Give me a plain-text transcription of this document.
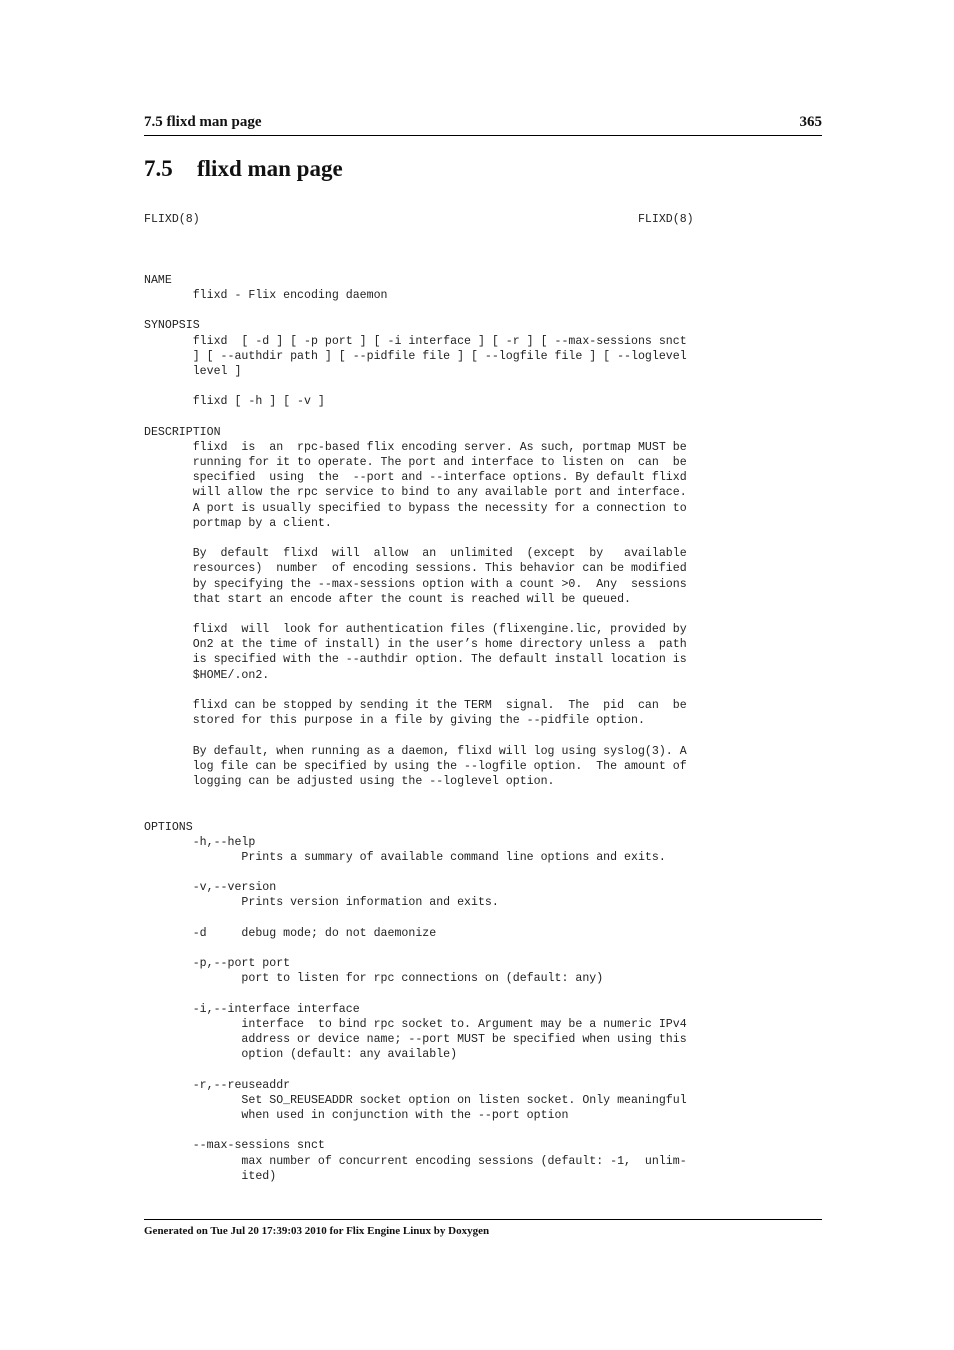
7.5 flixd man page	365
7.5 flixd man page
FLIXD(8)                                                               FLIXD(8)
NAME
flixd - Flix encoding daemon
SYNOPSIS
flixd  [ -d ] [ -p port ] [ -i interface ] [ -r ] [ --max-sessions snct
] [ --authdir path ] [ --pidfile file ] [ --logfile file ] [ --loglevel
level ]
flixd [ -h ] [ -v ]
DESCRIPTION
flixd  is  an  rpc-based flix encoding server. As such, portmap MUST be
running for it to operate. The port and interface to listen on  can  be
specified  using  the  --port and --interface options. By default flixd
will allow the rpc service to bind to any available port and interface.
A port is usually specified to bypass the necessity for a connection to
portmap by a client.
By  default  flixd  will  allow  an  unlimited  (except  by   available
resources)  number  of encoding sessions. This behavior can be modified
by specifying the --max-sessions option with a count >0.  Any  sessions
that start an encode after the count is reached will be queued.
flixd  will  look for authentication files (flixengine.lic, provided by
On2 at the time of install) in the user’s home directory unless a  path
is specified with the --authdir option. The default install location is
$HOME/.on2.
flixd can be stopped by sending it the TERM  signal.  The  pid  can  be
stored for this purpose in a file by giving the --pidfile option.
By default, when running as a daemon, flixd will log using syslog(3). A
log file can be specified by using the --logfile option.  The amount of
logging can be adjusted using the --loglevel option.
OPTIONS
-h,--help
Prints a summary of available command line options and exits.
-v,--version
Prints version information and exits.
-d     debug mode; do not daemonize
-p,--port port
port to listen for rpc connections on (default: any)
-i,--interface interface
interface  to bind rpc socket to. Argument may be a numeric IPv4
address or device name; --port MUST be specified when using this
option (default: any available)
-r,--reuseaddr
Set SO_REUSEADDR socket option on listen socket. Only meaningful
when used in conjunction with the --port option
--max-sessions snct
max number of concurrent encoding sessions (default: -1,  unlim-
ited)
Generated on Tue Jul 20 17:39:03 2010 for Flix Engine Linux by Doxygen
